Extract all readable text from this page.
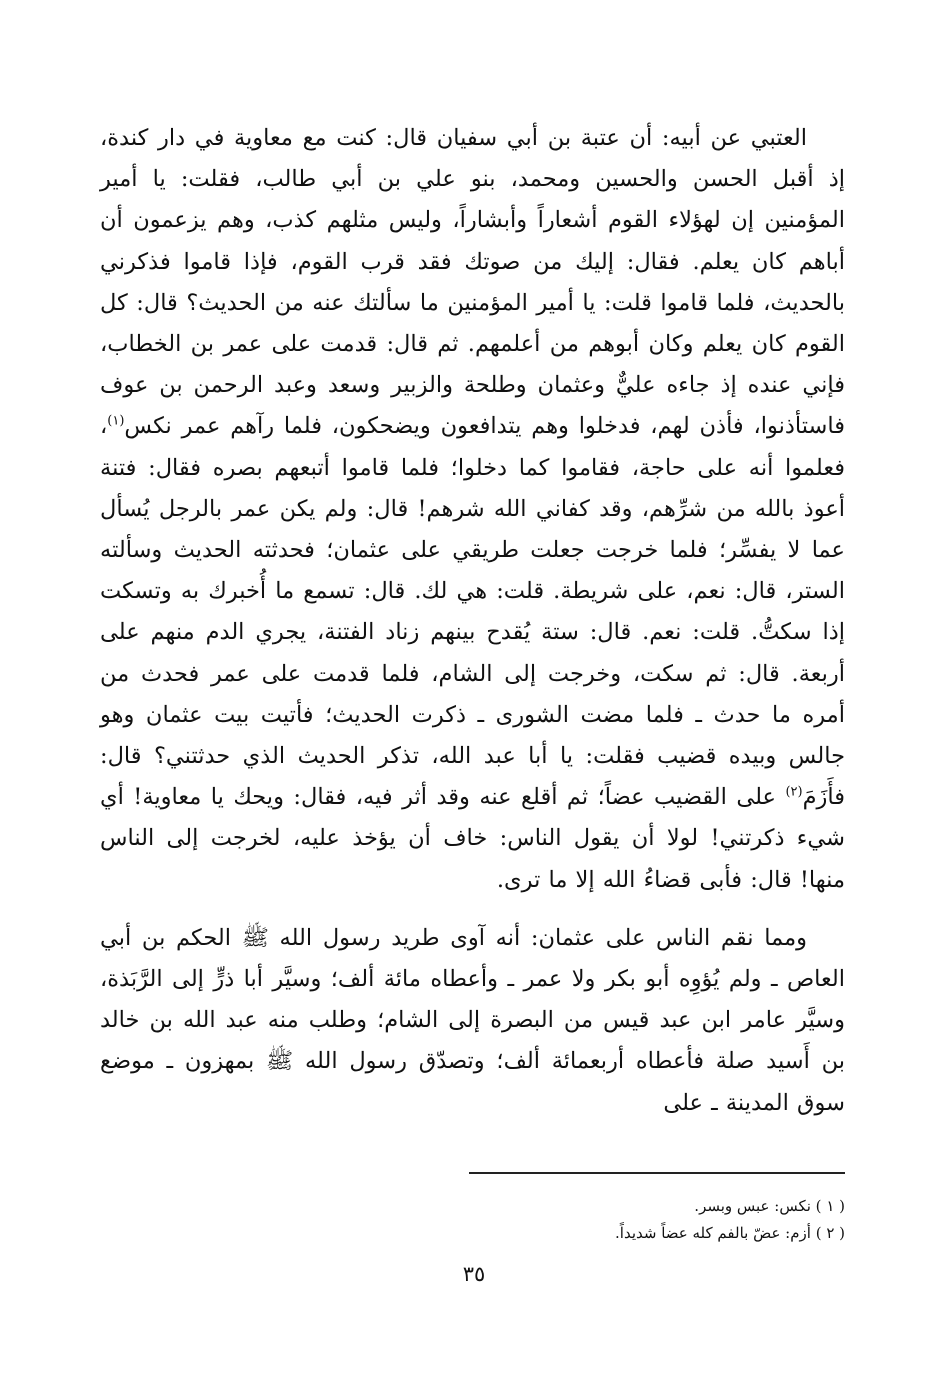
العتبي عن أبيه: أن عتبة بن أبي سفيان قال: كنت مع معاوية في دار كندة، إذ أقبل الحسن والحسين ومحمد، بنو علي بن أبي طالب، فقلت: يا أمير المؤمنين إن لهؤلاء القوم أشعاراً وأبشاراً، وليس مثلهم كذب، وهم يزعمون أن أباهم كان يعلم. فقال: إليك من صوتك فقد قرب القوم، فإذا قاموا فذكرني بالحديث، فلما قاموا قلت: يا أمير المؤمنين ما سألتك عنه من الحديث؟ قال: كل القوم كان يعلم وكان أبوهم من أعلمهم. ثم قال: قدمت على عمر بن الخطاب، فإني عنده إذ جاءه عليٌّ وعثمان وطلحة والزبير وسعد وعبد الرحمن بن عوف فاستأذنوا، فأذن لهم، فدخلوا وهم يتدافعون ويضحكون، فلما رآهم عمر نكس$^{(١)}$، فعلموا أنه على حاجة، فقاموا كما دخلوا؛ فلما قاموا أتبعهم بصره فقال: فتنة أعوذ بالله من شرِّهم، وقد كفاني الله شرهم! قال: ولم يكن عمر بالرجل يُسأل عما لا يفسِّر؛ فلما خرجت جعلت طريقي على عثمان؛ فحدثته الحديث وسألته الستر، قال: نعم، على شريطة. قلت: هي لك. قال: تسمع ما أُخبرك به وتسكت إذا سكتُّ. قلت: نعم. قال: ستة يُقدح بينهم زناد الفتنة، يجري الدم منهم على أربعة. قال: ثم سكت، وخرجت إلى الشام، فلما قدمت على عمر فحدث من أمره ما حدث ـ فلما مضت الشورى ـ ذكرت الحديث؛ فأتيت بيت عثمان وهو جالس وبيده قضيب فقلت: يا أبا عبد الله، تذكر الحديث الذي حدثتني؟ قال: فأَزَمَ$^{(٢)}$ على القضيب عضاً؛ ثم أقلع عنه وقد أثر فيه، فقال: ويحك يا معاوية! أي شيء ذكرتني! لولا أن يقول الناس: خاف أن يؤخذ عليه، لخرجت إلى الناس منها! قال: فأبى قضاءُ الله إلا ما ترى.

ومما نقم الناس على عثمان: أنه آوى طريد رسول الله ﷺ الحكم بن أبي العاص ـ ولم يُؤوِه أبو بكر ولا عمر ـ وأعطاه مائة ألف؛ وسيَّر أبا ذرٍّ إلى الرَّبَذة، وسيَّر عامر ابن عبد قيس من البصرة إلى الشام؛ وطلب منه عبد الله بن خالد بن أَسيد صلة فأعطاه أربعمائة ألف؛ وتصدّق رسول الله ﷺ بمهزون ـ موضع سوق المدينة ـ على

( ١ ) نكس: عبس وبسر.

( ٢ ) أزم: عضّ بالفم كله عضاً شديداً.

٣٥
